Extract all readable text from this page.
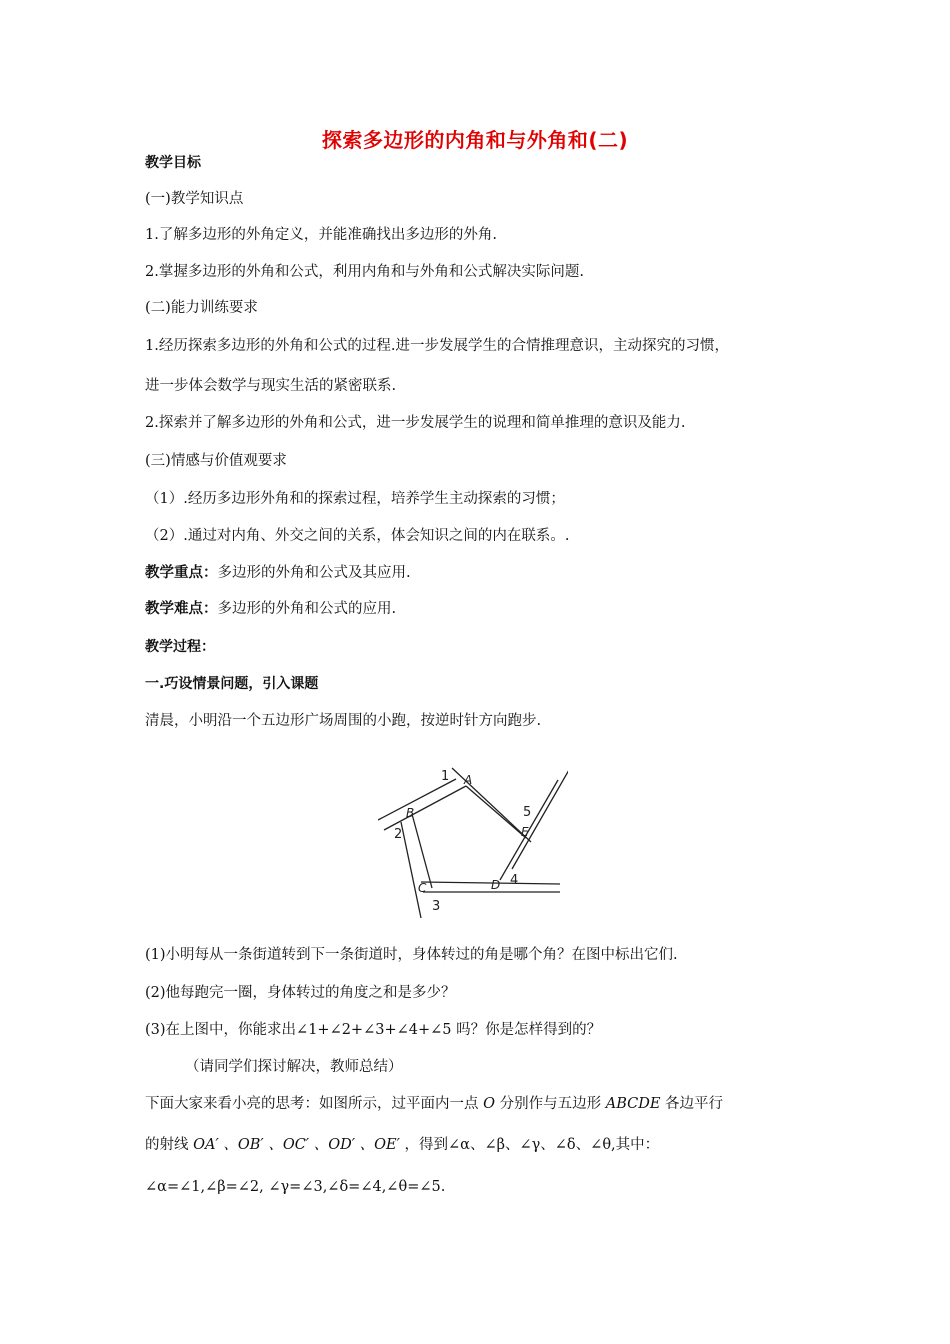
探索多边形的内角和与外角和(二)
教学目标
(一)教学知识点
1.了解多边形的外角定义，并能准确找出多边形的外角.
2.掌握多边形的外角和公式，利用内角和与外角和公式解决实际问题.
(二)能力训练要求
1.经历探索多边形的外角和公式的过程.进一步发展学生的合情推理意识，主动探究的习惯，
进一步体会数学与现实生活的紧密联系.
2.探索并了解多边形的外角和公式，进一步发展学生的说理和简单推理的意识及能力.
(三)情感与价值观要求
（1）.经历多边形外角和的探索过程，培养学生主动探索的习惯；
（2）.通过对内角、外交之间的关系，体会知识之间的内在联系。.
教学重点：多边形的外角和公式及其应用.
教学难点：多边形的外角和公式的应用.
教学过程：
一.巧设情景问题，引入课题
清晨，小明沿一个五边形广场周围的小跑，按逆时针方向跑步.
A
B
C	D
E
1
2
3
4
5
(1)小明每从一条街道转到下一条街道时，身体转过的角是哪个角？在图中标出它们.
(2)他每跑完一圈，身体转过的角度之和是多少？
(3)在上图中，你能求出∠1+∠2+∠3+∠4+∠5 吗？你是怎样得到的？
（请同学们探讨解决，教师总结）
下面大家来看小亮的思考：如图所示，过平面内一点 O 分别作与五边形 ABCDE 各边平行
的射线 OA′ 、OB′ 、OC′ 、OD′ 、OE′ ，得到∠α、∠β、∠γ、∠δ、∠θ,其中：
∠α=∠1,∠β=∠2, ∠γ=∠3,∠δ=∠4,∠θ=∠5.
